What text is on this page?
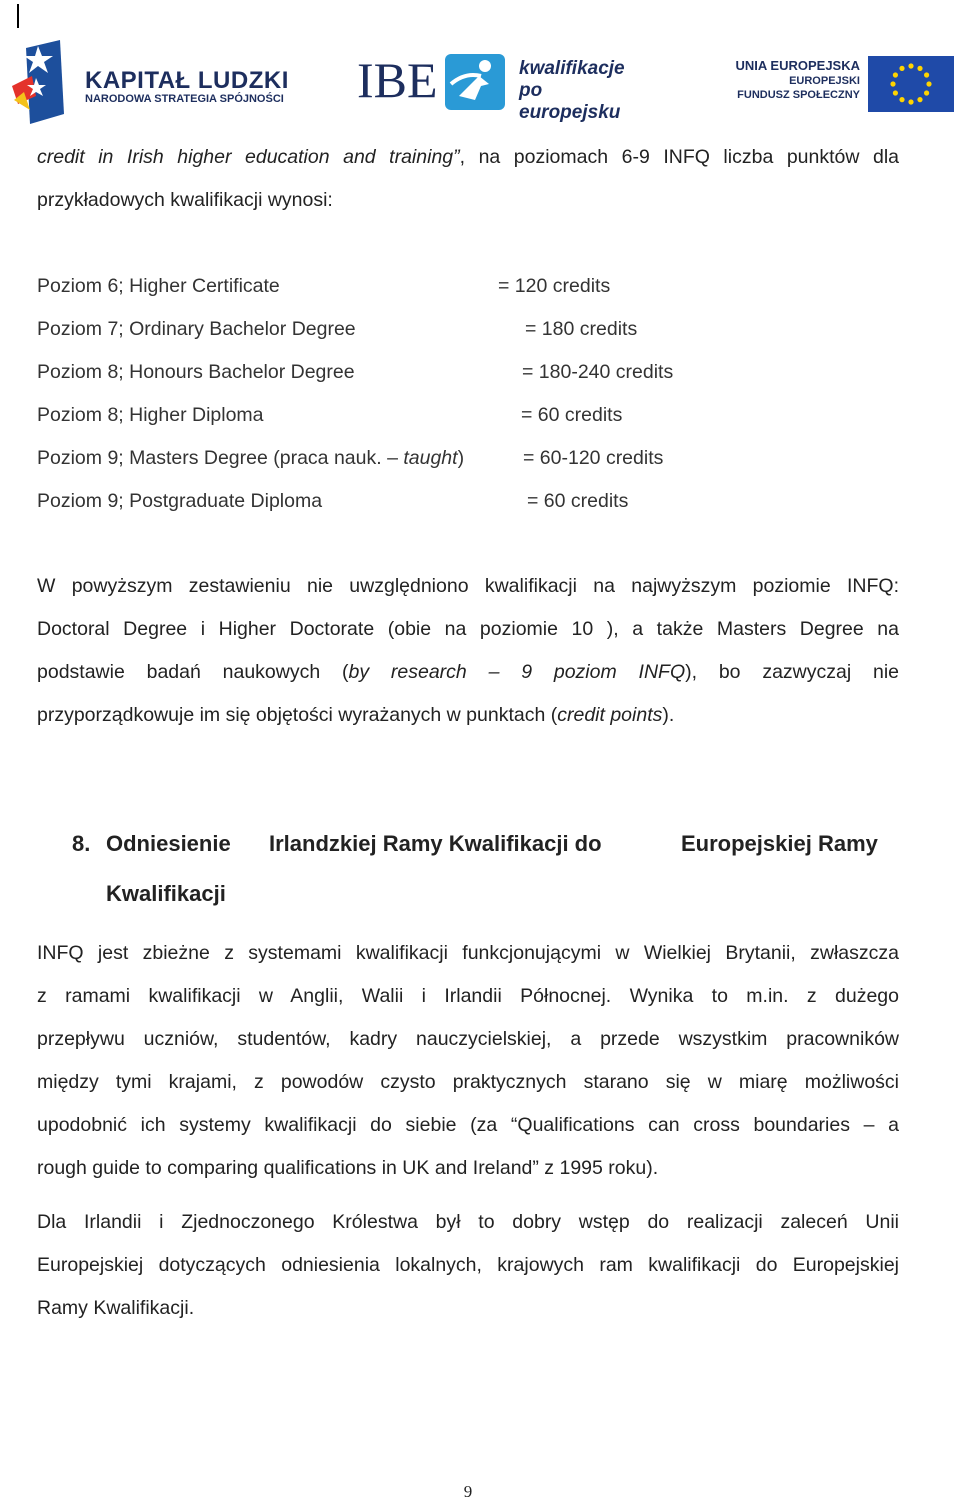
KAPITAŁ LUDZKI
NARODOWA STRATEGIA SPÓJNOŚCI IBE	kwalifikacje
po europejsku
UNIA EUROPEJSKA
EUROPEJSKI
FUNDUSZ SPOŁECZNY
credit in Irish higher education and training”, na poziomach 6-9 INFQ liczba punktów dla
przykładowych kwalifikacji wynosi:
Poziom 6; Higher Certificate	= 120 credits
Poziom 7; Ordinary Bachelor Degree	= 180 credits
Poziom 8; Honours Bachelor Degree	= 180-240 credits
Poziom 8; Higher Diploma	= 60 credits
Poziom 9; Masters Degree (praca nauk. – taught)	= 60-120 credits
Poziom 9; Postgraduate Diploma	= 60 credits
W powyższym zestawieniu nie uwzględniono kwalifikacji na najwyższym poziomie INFQ:
Doctoral Degree i Higher Doctorate (obie na poziomie 10 ), a także Masters Degree na
podstawie badań naukowych (by research – 9 poziom INFQ), bo zazwyczaj nie
przyporządkowuje im się objętości wyrażanych w punktach (credit points).
8. Odniesienie Irlandzkiej Ramy Kwalifikacji do	Europejskiej Ramy
Kwalifikacji
INFQ jest zbieżne z systemami kwalifikacji funkcjonującymi w Wielkiej Brytanii, zwłaszcza
z ramami kwalifikacji w Anglii, Walii i Irlandii Północnej. Wynika to m.in. z dużego
przepływu uczniów, studentów, kadry nauczycielskiej, a przede wszystkim pracowników
między tymi krajami, z powodów czysto praktycznych starano się w miarę możliwości
upodobnić ich systemy kwalifikacji do siebie (za “Qualifications can cross boundaries – a
rough guide to comparing qualifications in UK and Ireland” z 1995 roku).
Dla Irlandii i Zjednoczonego Królestwa był to dobry wstęp do realizacji zaleceń Unii
Europejskiej dotyczących odniesienia lokalnych, krajowych ram kwalifikacji do Europejskiej
Ramy Kwalifikacji.
9
